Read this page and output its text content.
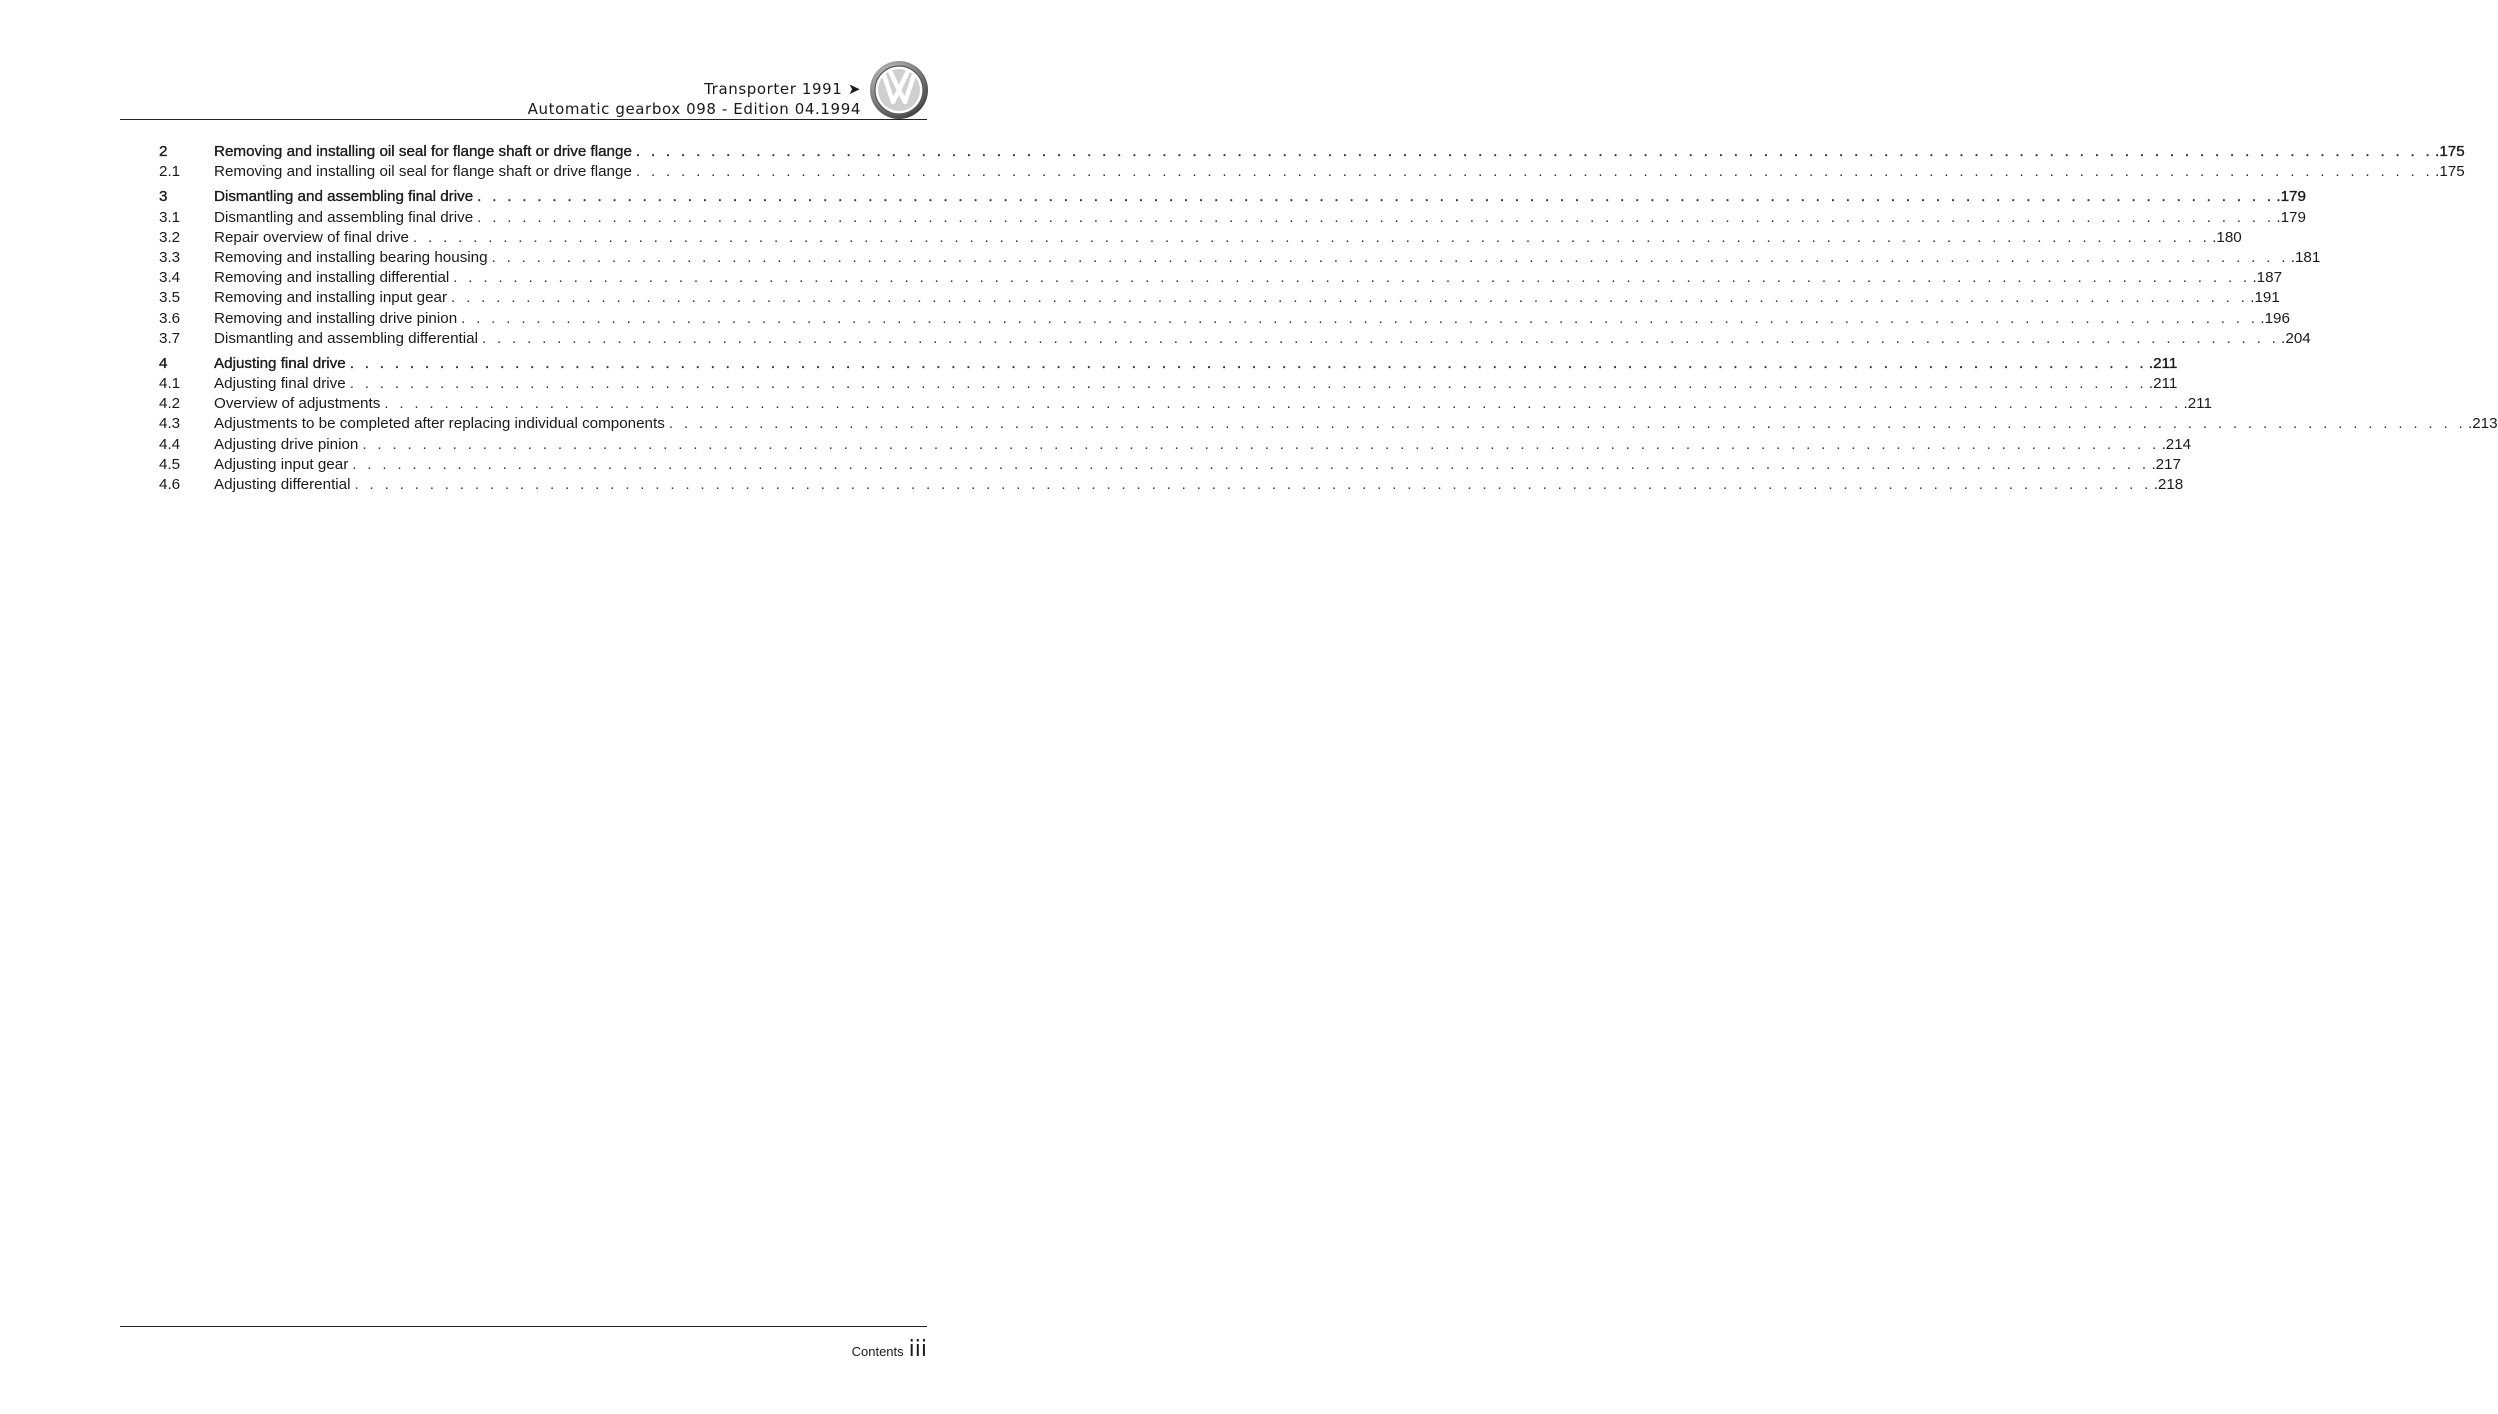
Transporter 1991 ➤
Automatic gearbox 098 - Edition 04.1994
2	Removing and installing oil seal for flange shaft or drive flange . . . . . . . . . . . . . . . . . . . . . . . . . . . . . . . . . . . . . . . . . . . . . . . . . . . . . . . . . . . . . . . . . . . . . . . . . . . . . . . . . . . . . . . . . . . . . . . . . . . . . . . . . . . . . . . . . . . . . . . . .175
2.1	Removing and installing oil seal for flange shaft or drive flange . . . . . . . . . . . . . . . . . . . . . . . . . . . . . . . . . . . . . . . . . . . . . . . . . . . . . . . . . . . . . . . . . . . . . . . . . . . . . . . . . . . . . . . . . . . . . . . . . . . . . . . . . . . . . . . . . . . . . . . . .175
3	Dismantling and assembling final drive . . . . . . . . . . . . . . . . . . . . . . . . . . . . . . . . . . . . . . . . . . . . . . . . . . . . . . . . . . . . . . . . . . . . . . . . . . . . . . . . . . . . . . . . . . . . . . . . . . . . . . . . . . . . . . . . . . . . . . . . .179
3.1	Dismantling and assembling final drive . . . . . . . . . . . . . . . . . . . . . . . . . . . . . . . . . . . . . . . . . . . . . . . . . . . . . . . . . . . . . . . . . . . . . . . . . . . . . . . . . . . . . . . . . . . . . . . . . . . . . . . . . . . . . . . . . . . . . . . . .179
3.2	Repair overview of final drive . . . . . . . . . . . . . . . . . . . . . . . . . . . . . . . . . . . . . . . . . . . . . . . . . . . . . . . . . . . . . . . . . . . . . . . . . . . . . . . . . . . . . . . . . . . . . . . . . . . . . . . . . . . . . . . . . . . . . . . . .180
3.3	Removing and installing bearing housing . . . . . . . . . . . . . . . . . . . . . . . . . . . . . . . . . . . . . . . . . . . . . . . . . . . . . . . . . . . . . . . . . . . . . . . . . . . . . . . . . . . . . . . . . . . . . . . . . . . . . . . . . . . . . . . . . . . . . . . . .181
3.4	Removing and installing differential . . . . . . . . . . . . . . . . . . . . . . . . . . . . . . . . . . . . . . . . . . . . . . . . . . . . . . . . . . . . . . . . . . . . . . . . . . . . . . . . . . . . . . . . . . . . . . . . . . . . . . . . . . . . . . . . . . . . . . . . .187
3.5	Removing and installing input gear . . . . . . . . . . . . . . . . . . . . . . . . . . . . . . . . . . . . . . . . . . . . . . . . . . . . . . . . . . . . . . . . . . . . . . . . . . . . . . . . . . . . . . . . . . . . . . . . . . . . . . . . . . . . . . . . . . . . . . . . .191
3.6	Removing and installing drive pinion . . . . . . . . . . . . . . . . . . . . . . . . . . . . . . . . . . . . . . . . . . . . . . . . . . . . . . . . . . . . . . . . . . . . . . . . . . . . . . . . . . . . . . . . . . . . . . . . . . . . . . . . . . . . . . . . . . . . . . . . .196
3.7	Dismantling and assembling differential . . . . . . . . . . . . . . . . . . . . . . . . . . . . . . . . . . . . . . . . . . . . . . . . . . . . . . . . . . . . . . . . . . . . . . . . . . . . . . . . . . . . . . . . . . . . . . . . . . . . . . . . . . . . . . . . . . . . . . . . .204
4	Adjusting final drive . . . . . . . . . . . . . . . . . . . . . . . . . . . . . . . . . . . . . . . . . . . . . . . . . . . . . . . . . . . . . . . . . . . . . . . . . . . . . . . . . . . . . . . . . . . . . . . . . . . . . . . . . . . . . . . . . . . . . . . . .211
4.1	Adjusting final drive . . . . . . . . . . . . . . . . . . . . . . . . . . . . . . . . . . . . . . . . . . . . . . . . . . . . . . . . . . . . . . . . . . . . . . . . . . . . . . . . . . . . . . . . . . . . . . . . . . . . . . . . . . . . . . . . . . . . . . . . .211
4.2	Overview of adjustments . . . . . . . . . . . . . . . . . . . . . . . . . . . . . . . . . . . . . . . . . . . . . . . . . . . . . . . . . . . . . . . . . . . . . . . . . . . . . . . . . . . . . . . . . . . . . . . . . . . . . . . . . . . . . . . . . . . . . . . . .211
4.3	Adjustments to be completed after replacing individual components . . . . . . . . . . . . . . . . . . . . . . . . . . . . . . . . . . . . . . . . . . . . . . . . . . . . . . . . . . . . . . . . . . . . . . . . . . . . . . . . . . . . . . . . . . . . . . . . . . . . . . . . . . . . . . . . . . . . . . . . .213
4.4	Adjusting drive pinion . . . . . . . . . . . . . . . . . . . . . . . . . . . . . . . . . . . . . . . . . . . . . . . . . . . . . . . . . . . . . . . . . . . . . . . . . . . . . . . . . . . . . . . . . . . . . . . . . . . . . . . . . . . . . . . . . . . . . . . . .214
4.5	Adjusting input gear . . . . . . . . . . . . . . . . . . . . . . . . . . . . . . . . . . . . . . . . . . . . . . . . . . . . . . . . . . . . . . . . . . . . . . . . . . . . . . . . . . . . . . . . . . . . . . . . . . . . . . . . . . . . . . . . . . . . . . . . .217
4.6	Adjusting differential . . . . . . . . . . . . . . . . . . . . . . . . . . . . . . . . . . . . . . . . . . . . . . . . . . . . . . . . . . . . . . . . . . . . . . . . . . . . . . . . . . . . . . . . . . . . . . . . . . . . . . . . . . . . . . . . . . . . . . . . .218
Contents iii
